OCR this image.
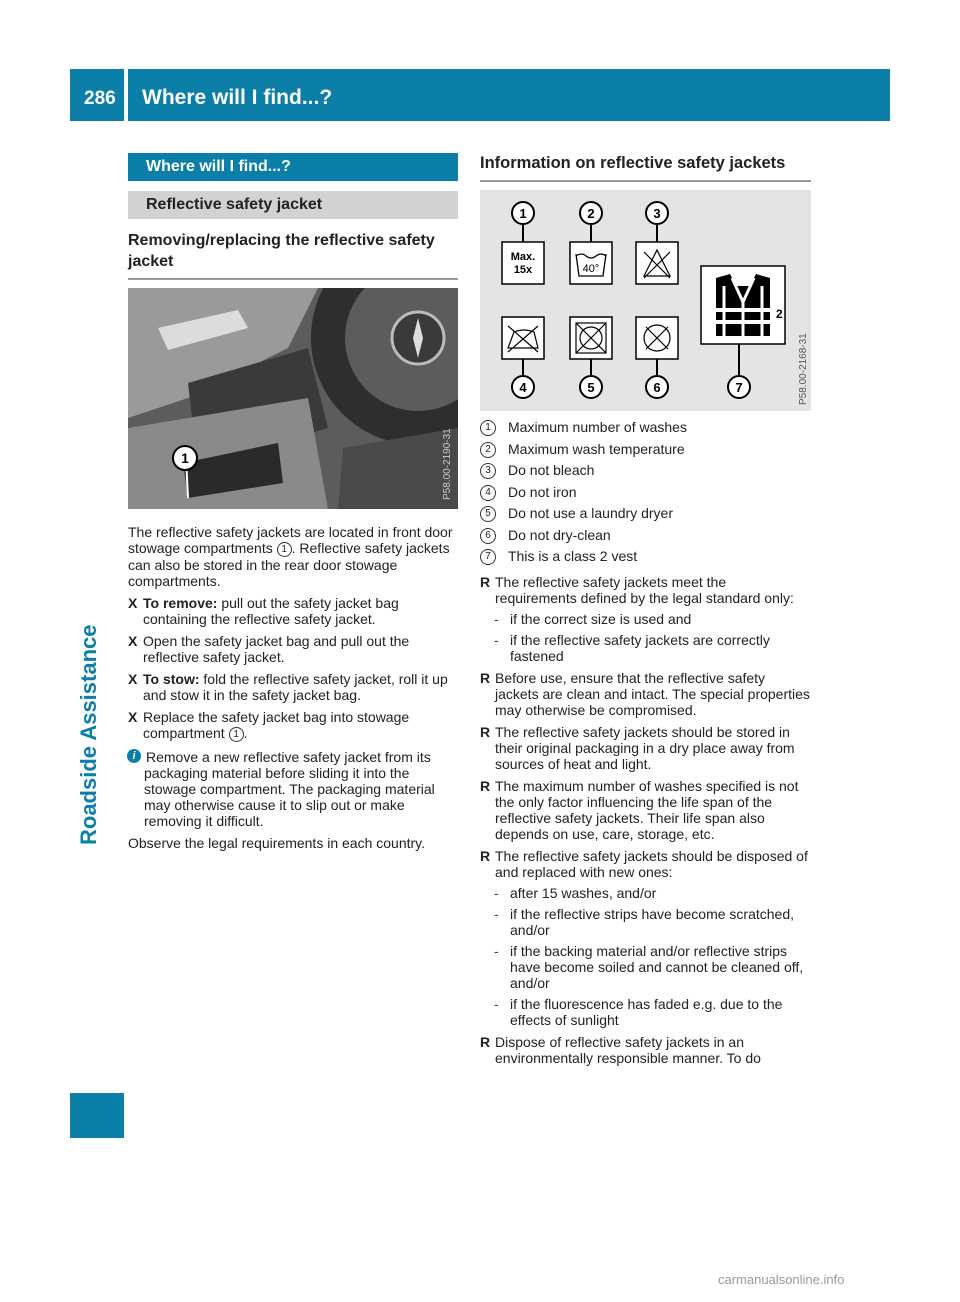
286 Where will I find...?
Roadside Assistance
Where will I find...?
Reflective safety jacket
Removing/replacing the reflective safety jacket
1	P58.00-2190-31

The reflective safety jackets are located in front door stowage compartments 1 . Reflective safety jackets can also be stored in the rear door stowage compartments.

X To remove: pull out the safety jacket bag containing the reflective safety jacket.
X Open the safety jacket bag and pull out the reflective safety jacket.
X To stow: fold the reflective safety jacket, roll it up and stow it in the safety jacket bag.
X Replace the safety jacket bag into stowage compartment 1 .
i Remove a new reflective safety jacket from its packaging material before sliding it into the stowage compartment. The packaging material may otherwise cause it to slip out or make removing it difficult.

Observe the legal requirements in each country.

Information on reflective safety jackets
1	2	3
Max.
15x	40°
2
4	5	6	7	P58.00-2168-31
1	Maximum number of washes
2	Maximum wash temperature
3	Do not bleach
4	Do not iron
5	Do not use a laundry dryer
6	Do not dry-clean
7	This is a class 2 vest
R The reflective safety jackets meet the requirements defined by the legal standard only:
- if the correct size is used and
- if the reflective safety jackets are correctly fastened
R Before use, ensure that the reflective safety jackets are clean and intact. The special properties may otherwise be compromised.
R The reflective safety jackets should be stored in their original packaging in a dry place away from sources of heat and light.
R The maximum number of washes specified is not the only factor influencing the life span of the reflective safety jackets. Their life span also depends on use, care, storage, etc.
R The reflective safety jackets should be disposed of and replaced with new ones:
- after 15 washes, and/or
- if the reflective strips have become scratched, and/or
- if the backing material and/or reflective strips have become soiled and cannot be cleaned off, and/or
- if the fluorescence has faded e.g. due to the effects of sunlight
R Dispose of reflective safety jackets in an environmentally responsible manner. To do
carmanualsonline.info
